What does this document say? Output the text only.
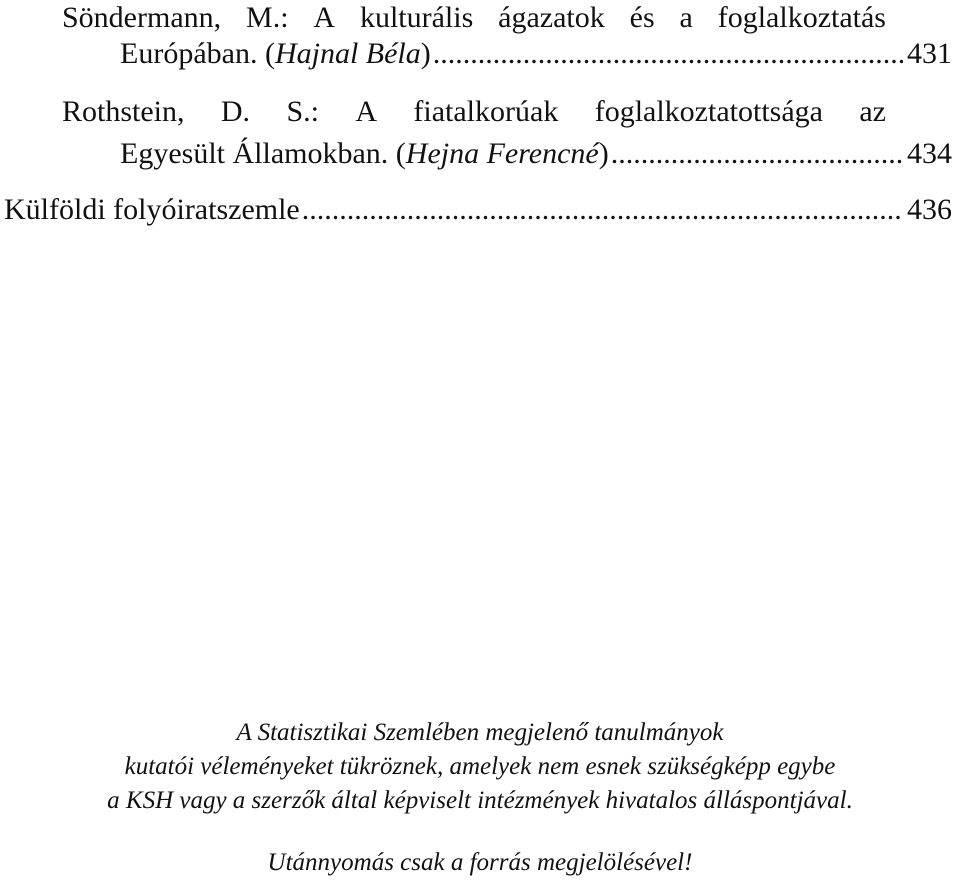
Söndermann, M.: A kulturális ágazatok és a foglalkoztatás
Európában. (Hajnal Béla) .....	431
Rothstein, D. S.: A fiatalkorúak foglalkoztatottsága az
Egyesült Államokban. (Hejna Ferencné) .....	434
Külföldi folyóiratszemle .....	436
A Statisztikai Szemlében megjelenő tanulmányok
kutatói véleményeket tükröznek, amelyek nem esnek szükségképp egybe
a KSH vagy a szerzők által képviselt intézmények hivatalos álláspontjával.
Utánnyomás csak a forrás megjelölésével!
